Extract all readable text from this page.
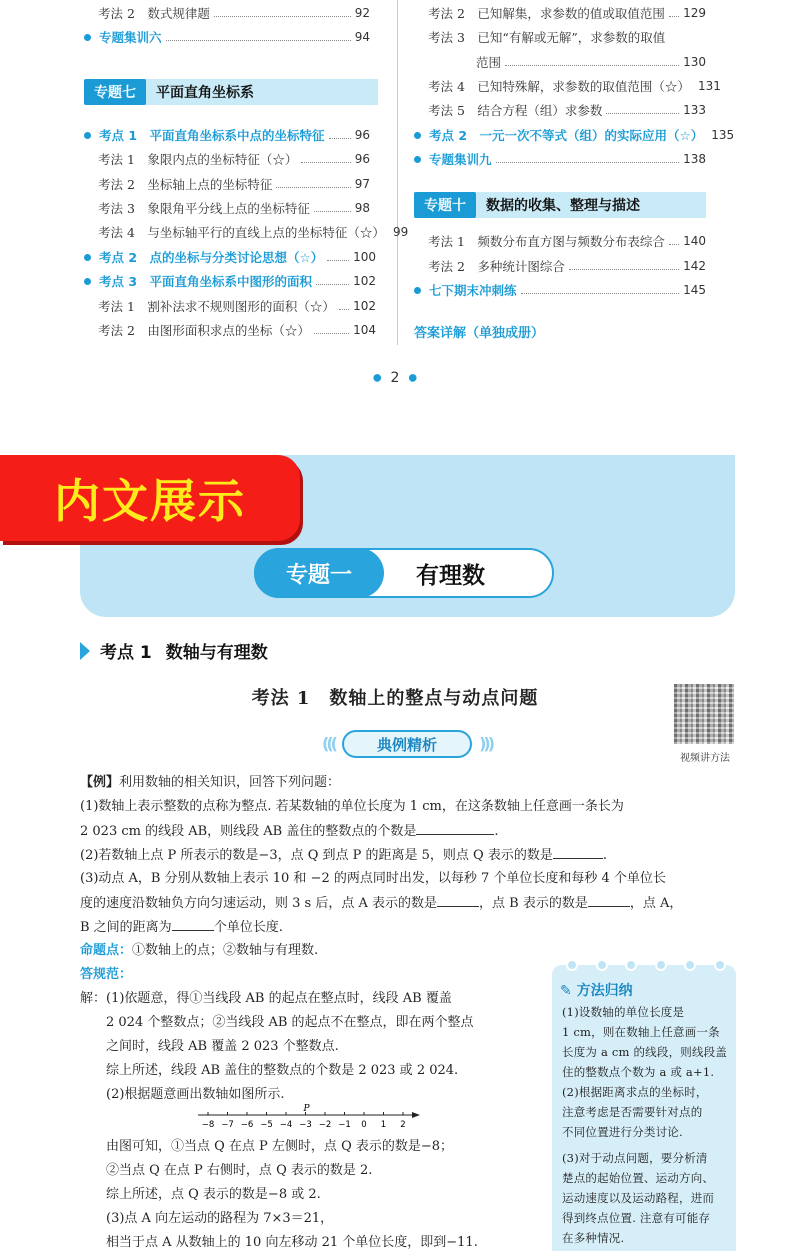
考法 2　数式规律题	92
专题集训六	94
专题七	平面直角坐标系
考点 1　平面直角坐标系中点的坐标特征	96
考法 1　象限内点的坐标特征（☆）	96
考法 2　坐标轴上点的坐标特征	97
考法 3　象限角平分线上点的坐标特征	98
考法 4　与坐标轴平行的直线上点的坐标特征（☆） 99
考点 2　点的坐标与分类讨论思想（☆） 100
考点 3　平面直角坐标系中图形的面积	102
考法 1　割补法求不规则图形的面积（☆） 102
考法 2　由图形面积求点的坐标（☆）	104
考法 2　已知解集，求参数的值或取值范围 129
考法 3　已知“有解或无解”，求参数的取值
范围	130
考法 4　已知特殊解，求参数的取值范围（☆） 131
考法 5　结合方程（组）求参数	133
考点 2　一元一次不等式（组）的实际应用（☆） 135
专题集训九	138
专题十	数据的收集、整理与描述
考法 1　频数分布直方图与频数分布表综合 140
考法 2　多种统计图综合	142
七下期末冲刺练	145
答案详解（单独成册）
● 2 ●
内文展示
专题一	有理数
考点 1 数轴与有理数
考法 1　数轴上的整点与动点问题
视频讲方法
((( 典例精析
)))
【例】利用数轴的相关知识，回答下列问题：
(1)数轴上表示整数的点称为整点. 若某数轴的单位长度为 1 cm，在这条数轴上任意画一条长为
2 023 cm 的线段 AB，则线段 AB 盖住的整数点的个数是	.
(2)若数轴上点 P 所表示的数是−3，点 Q 到点 P 的距离是 5，则点 Q 表示的数是	.
(3)动点 A，B 分别从数轴上表示 10 和 −2 的两点同时出发，以每秒 7 个单位长度和每秒 4 个单位长
度的速度沿数轴负方向匀速运动，则 3 s 后，点 A 表示的数是	，点 B 表示的数是	，点 A，
B 之间的距离为	个单位长度.
命题点：①数轴上的点；②数轴与有理数.
答规范：
解：(1)依题意，得①当线段 AB 的起点在整点时，线段 AB 覆盖
　　2 024 个整数点；②当线段 AB 的起点不在整点，即在两个整点
　　之间时，线段 AB 覆盖 2 023 个整数点.
　　综上所述，线段 AB 盖住的整数点的个数是 2 023 或 2 024.
　　(2)根据题意画出数轴如图所示.
−8 −7 −6 −5 −4 −3 −2 −1 0 1 2
P
　　由图可知，①当点 Q 在点 P 左侧时，点 Q 表示的数是−8；
　　②当点 Q 在点 P 右侧时，点 Q 表示的数是 2.
　　综上所述，点 Q 表示的数是−8 或 2.
　　(3)点 A 向左运动的路程为 7×3＝21，
　　相当于点 A 从数轴上的 10 向左移动 21 个单位长度，即到−11.
✎ 方法归纳
(1)设数轴的单位长度是
1 cm，则在数轴上任意画一条
长度为 a cm 的线段，则线段盖
住的整数点个数为 a 或 a+1.
(2)根据距离求点的坐标时，
注意考虑是否需要针对点的
不同位置进行分类讨论.
(3)对于动点问题，要分析清
楚点的起始位置、运动方向、
运动速度以及运动路程，进而
得到终点位置. 注意有可能存
在多种情况.
